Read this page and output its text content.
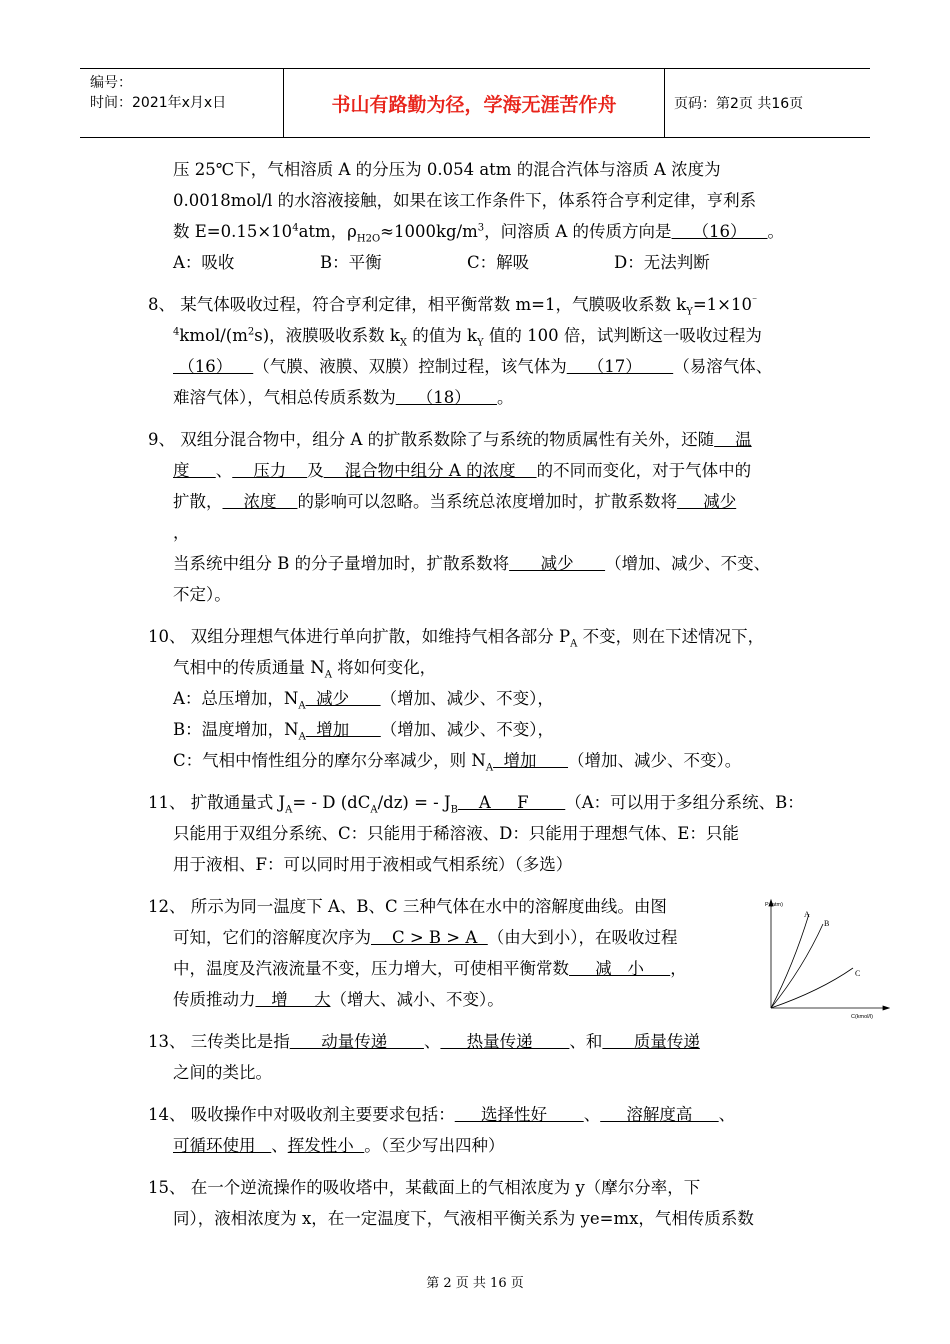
编号：
时间：2021年x月x日	书山有路勤为径，学海无涯苦作舟	页码：第2页 共16页
压 25℃下，气相溶质 A 的分压为 0.054 atm 的混合汽体与溶质 A 浓度为
0.0018mol/l 的水溶液接触，如果在该工作条件下，体系符合亨利定律，亨利系
数 $E=0.15\times 10^4atm$，$\rho_{H2O}\approx 1000kg/m^3$，问溶质 A 的传质方向是    （16）    。
A：吸收	B：平衡	C：解吸	D：无法判断
8、 某气体吸收过程，符合亨利定律，相平衡常数 m=1，气膜吸收系数 $k_Y=1\times 10^{^-}$
$^4kmol/(m^2s)$，液膜吸收系数 $k_X$ 的值为 $k_Y$ 值的 100 倍，试判断这一吸收过程为
（16）    （气膜、液膜、双膜）控制过程，该气体为    （17）      （易溶气体、
难溶气体），气相总传质系数为    （18）     。
9、 双组分混合物中，组分 A 的扩散系数除了与系统的物质属性有关外，还随    温
度     、    压力    及    混合物中组分 A 的浓度    的不同而变化，对于气体中的
扩散，    浓度    的影响可以忽略。当系统总浓度增加时，扩散系数将     减少
，
当系统中组分 B 的分子量增加时，扩散系数将      减少      （增加、减少、不变、
不定）。
10、 双组分理想气体进行单向扩散，如维持气相各部分 $P_A$ 不变，则在下述情况下，
气相中的传质通量 $N_A$ 将如何变化，
A：总压增加，$N_A$  减少      （增加、减少、不变），
B：温度增加，$N_A$  增加      （增加、减少、不变），
C：气相中惰性组分的摩尔分率减少，则 $N_A$  增加      （增加、减少、不变）。
11、 扩散通量式 $J_A= - D$ $(dC_A/dz)$ = - $J_B$    A     F       （A：可以用于多组分系统、B：
只能用于双组分系统、C：只能用于稀溶液、D：只能用于理想气体、E：只能
用于液相、F：可以同时用于液相或气相系统）（多选）
12、 所示为同一温度下 A、B、C 三种气体在水中的溶解度曲线。由图
可知，它们的溶解度次序为    C > B > A  （由大到小），在吸收过程
中，温度及汽液流量不变，压力增大，可使相平衡常数     减   小     ，
传质推动力   增     大（增大、减小、不变）。
13、 三传类比是指      动量传递       、     热量传递       、和      质量传递
之间的类比。
14、 吸收操作中对吸收剂主要要求包括：     选择性好       、     溶解度高     、
可循环使用   、挥发性小  。（至少写出四种）
15、 在一个逆流操作的吸收塔中，某截面上的气相浓度为 y（摩尔分率，下
同），液相浓度为 x，在一定温度下，气液相平衡关系为 ye=mx，气相传质系数
P (atm)
C(kmol/l)
A
B
C
第 2 页 共 16 页
